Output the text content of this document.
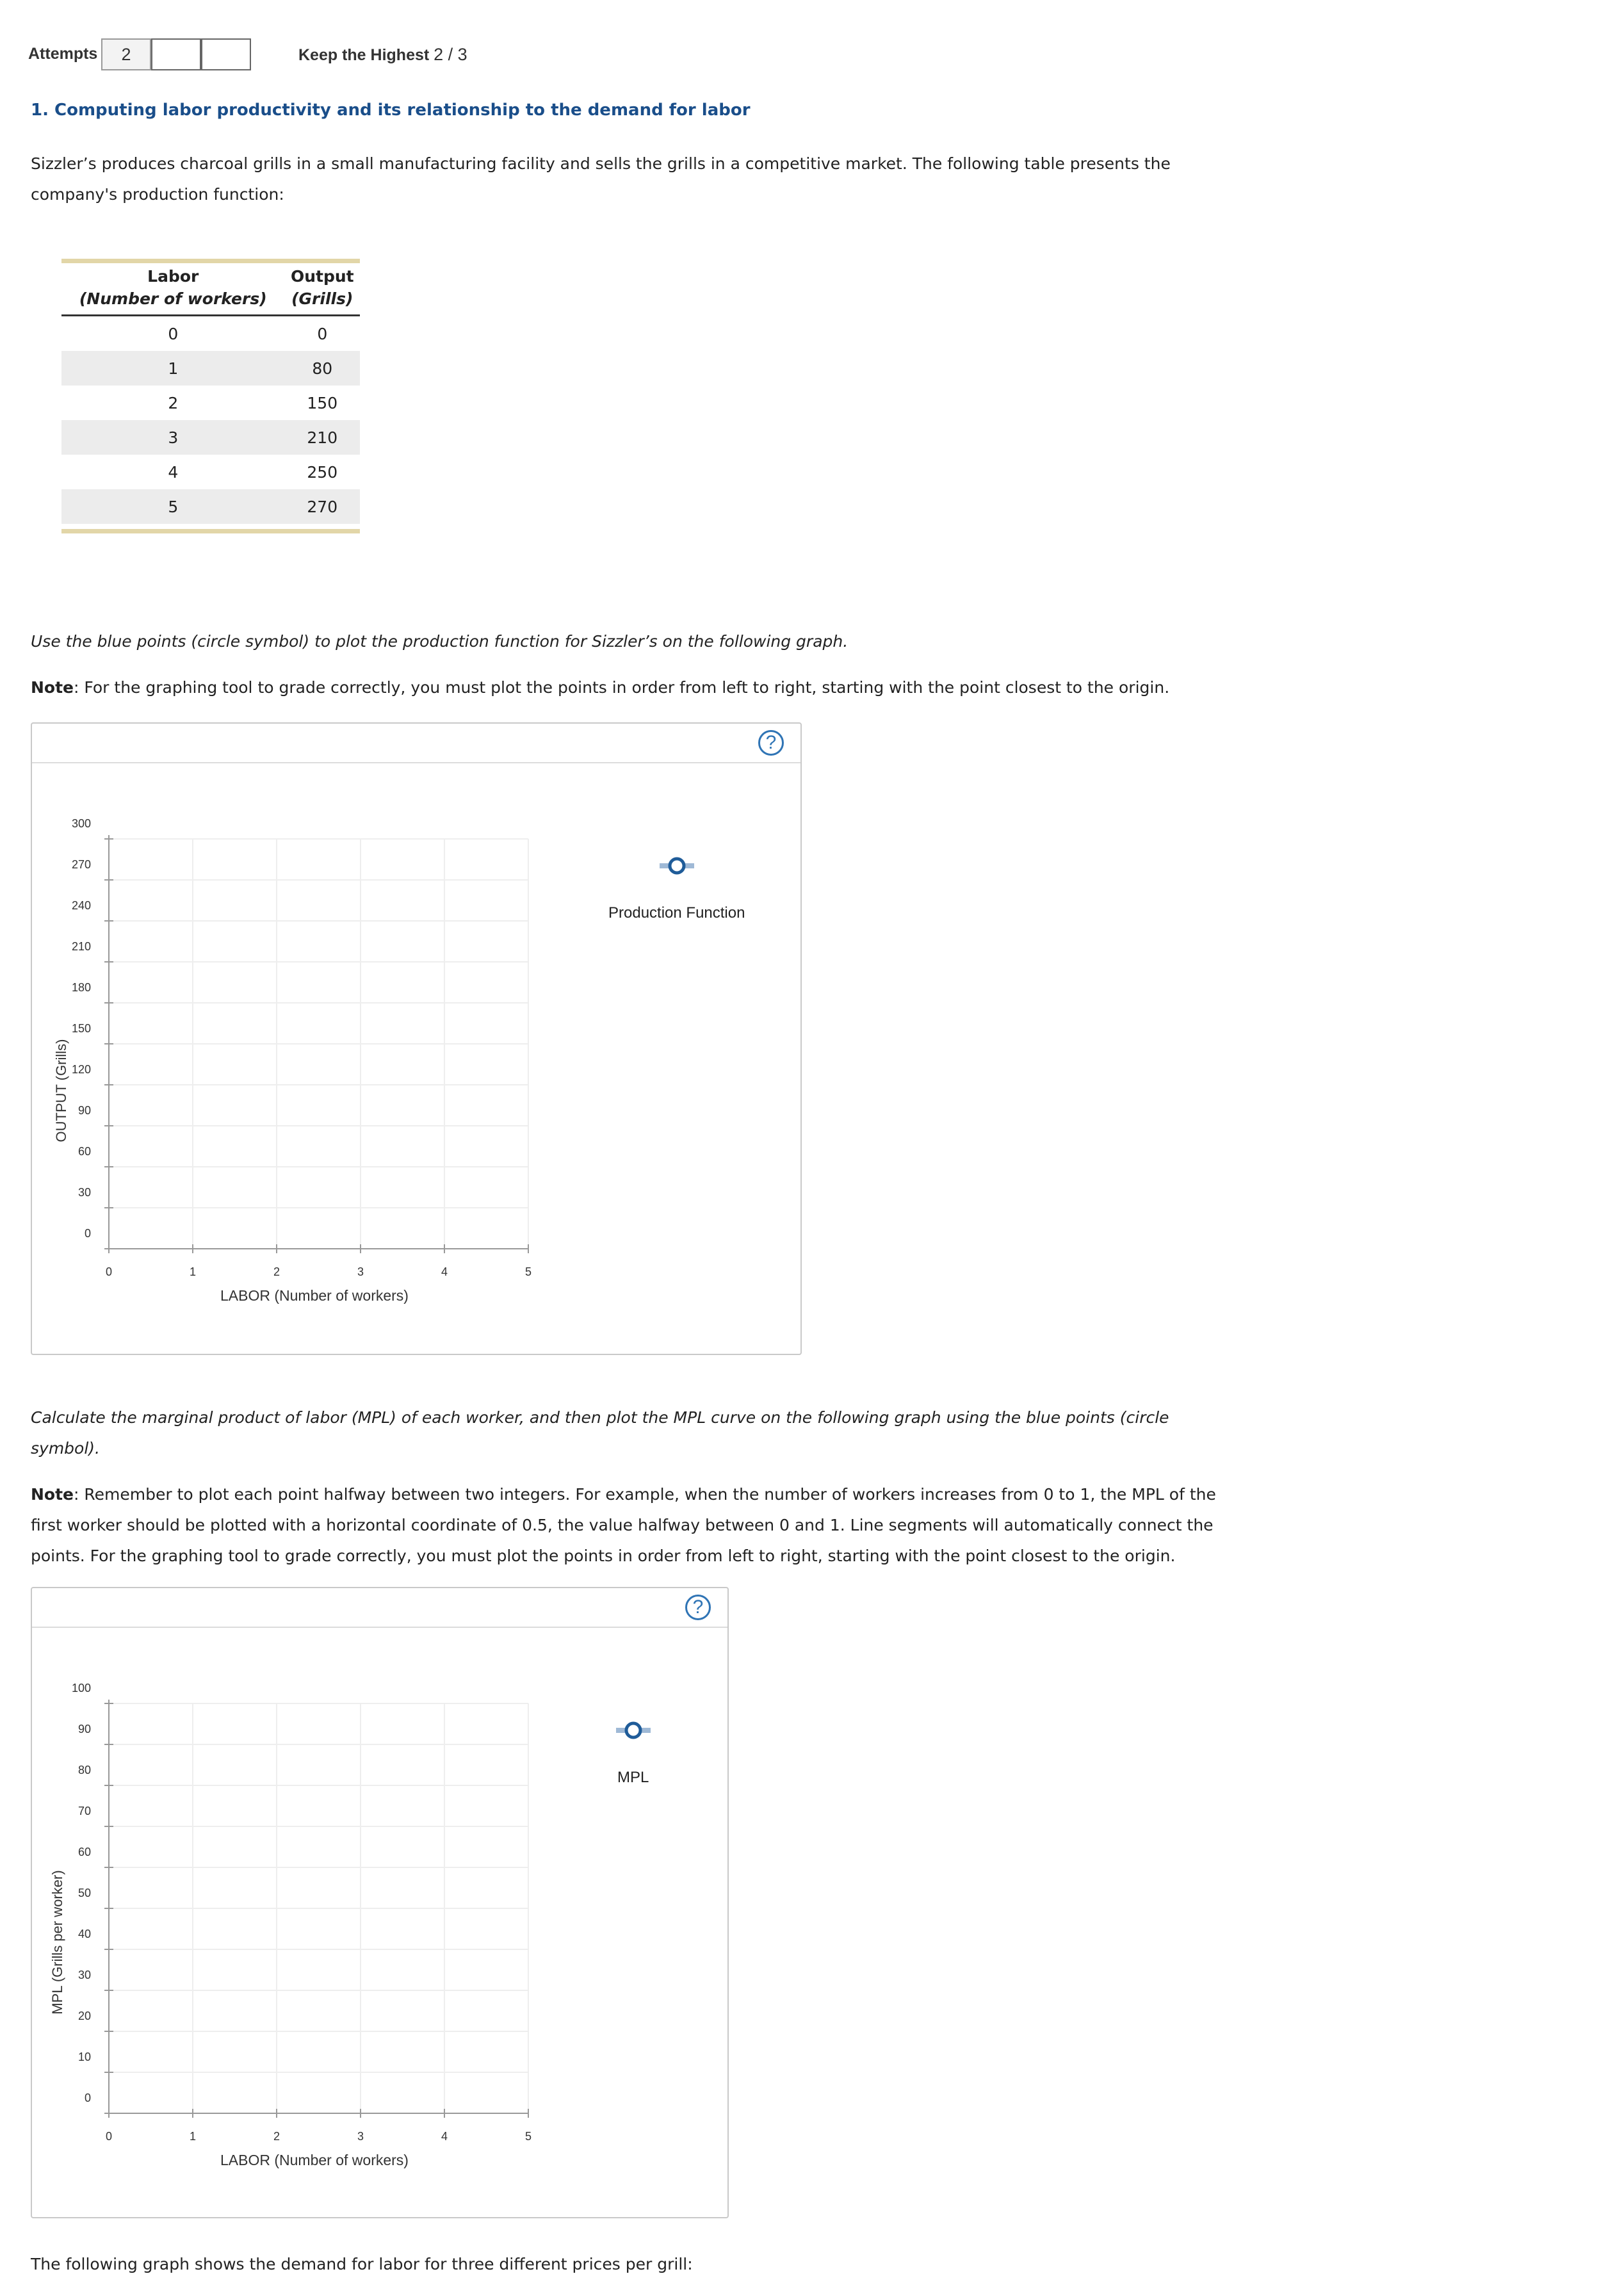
Attempts	2	Keep the Highest 2 / 3
1. Computing labor productivity and its relationship to the demand for labor
Sizzler’s produces charcoal grills in a small manufacturing facility and sells the grills in a competitive market. The following table presents the
company's production function:
Labor	Output
(Number of workers)	(Grills)
0	0
1	80
2	150
3	210
4	250
5	270
Use the blue points (circle symbol) to plot the production function for Sizzler’s on the following graph.
Note: For the graphing tool to grade correctly, you must plot the points in order from left to right, starting with the point closest to the origin.
?
OUTPUT (Grills)
0
30
60
90
120
150
180
210
240
270
300
0	1	2	3	4	5
Production Function
LABOR (Number of workers)
Calculate the marginal product of labor (MPL) of each worker, and then plot the MPL curve on the following graph using the blue points (circle
symbol).
Note: Remember to plot each point halfway between two integers. For example, when the number of workers increases from 0 to 1, the MPL of the
first worker should be plotted with a horizontal coordinate of 0.5, the value halfway between 0 and 1. Line segments will automatically connect the
points. For the graphing tool to grade correctly, you must plot the points in order from left to right, starting with the point closest to the origin.
?
MPL (Grills per worker)
0
10
20
30
40
50
60
70
80
90
100
0	1	2	3	4	5
MPL
LABOR (Number of workers)
The following graph shows the demand for labor for three different prices per grill:
